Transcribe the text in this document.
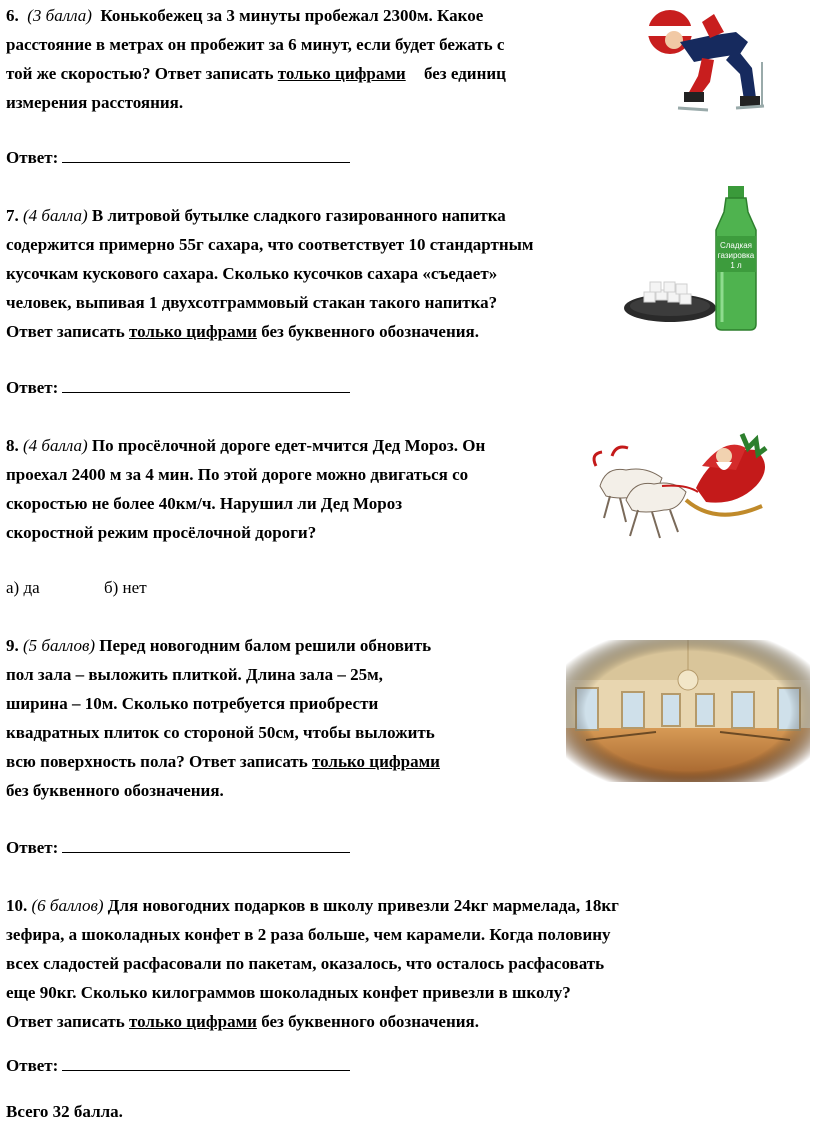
6. (3 балла) Конькобежец за 3 минуты пробежал 2300м. Какое
расстояние в метрах он пробежит за 6 минут, если будет бежать с
той же скоростью? Ответ записать только цифрами без единиц
измерения расстояния.
Ответ:
7. (4 балла) В литровой бутылке сладкого газированного напитка
содержится примерно 55г сахара, что соответствует 10 стандартным
кусочкам кускового сахара. Сколько кусочков сахара «съедает»
человек, выпивая 1 двухсотграммовый стакан такого напитка?
Ответ записать только цифрами без буквенного обозначения.
Ответ:
Сладкая
газировка
1 л
8. (4 балла) По просёлочной дороге едет-мчится Дед Мороз. Он
проехал 2400 м за 4 мин. По этой дороге можно двигаться со
скоростью не более 40км/ч. Нарушил ли Дед Мороз
скоростной режим просёлочной дороги?
а) да	б) нет
9. (5 баллов) Перед новогодним балом решили обновить
пол зала – выложить плиткой. Длина зала – 25м,
ширина – 10м. Сколько потребуется приобрести
квадратных плиток со стороной 50см, чтобы выложить
всю поверхность пола? Ответ записать только цифрами
без буквенного обозначения.
Ответ:
10. (6 баллов) Для новогодних подарков в школу привезли 24кг мармелада, 18кг
зефира, а шоколадных конфет в 2 раза больше, чем карамели. Когда половину
всех сладостей расфасовали по пакетам, оказалось, что осталось расфасовать
еще 90кг. Сколько килограммов шоколадных конфет привезли в школу?
Ответ записать только цифрами без буквенного обозначения.
Ответ:
Всего 32 балла.
